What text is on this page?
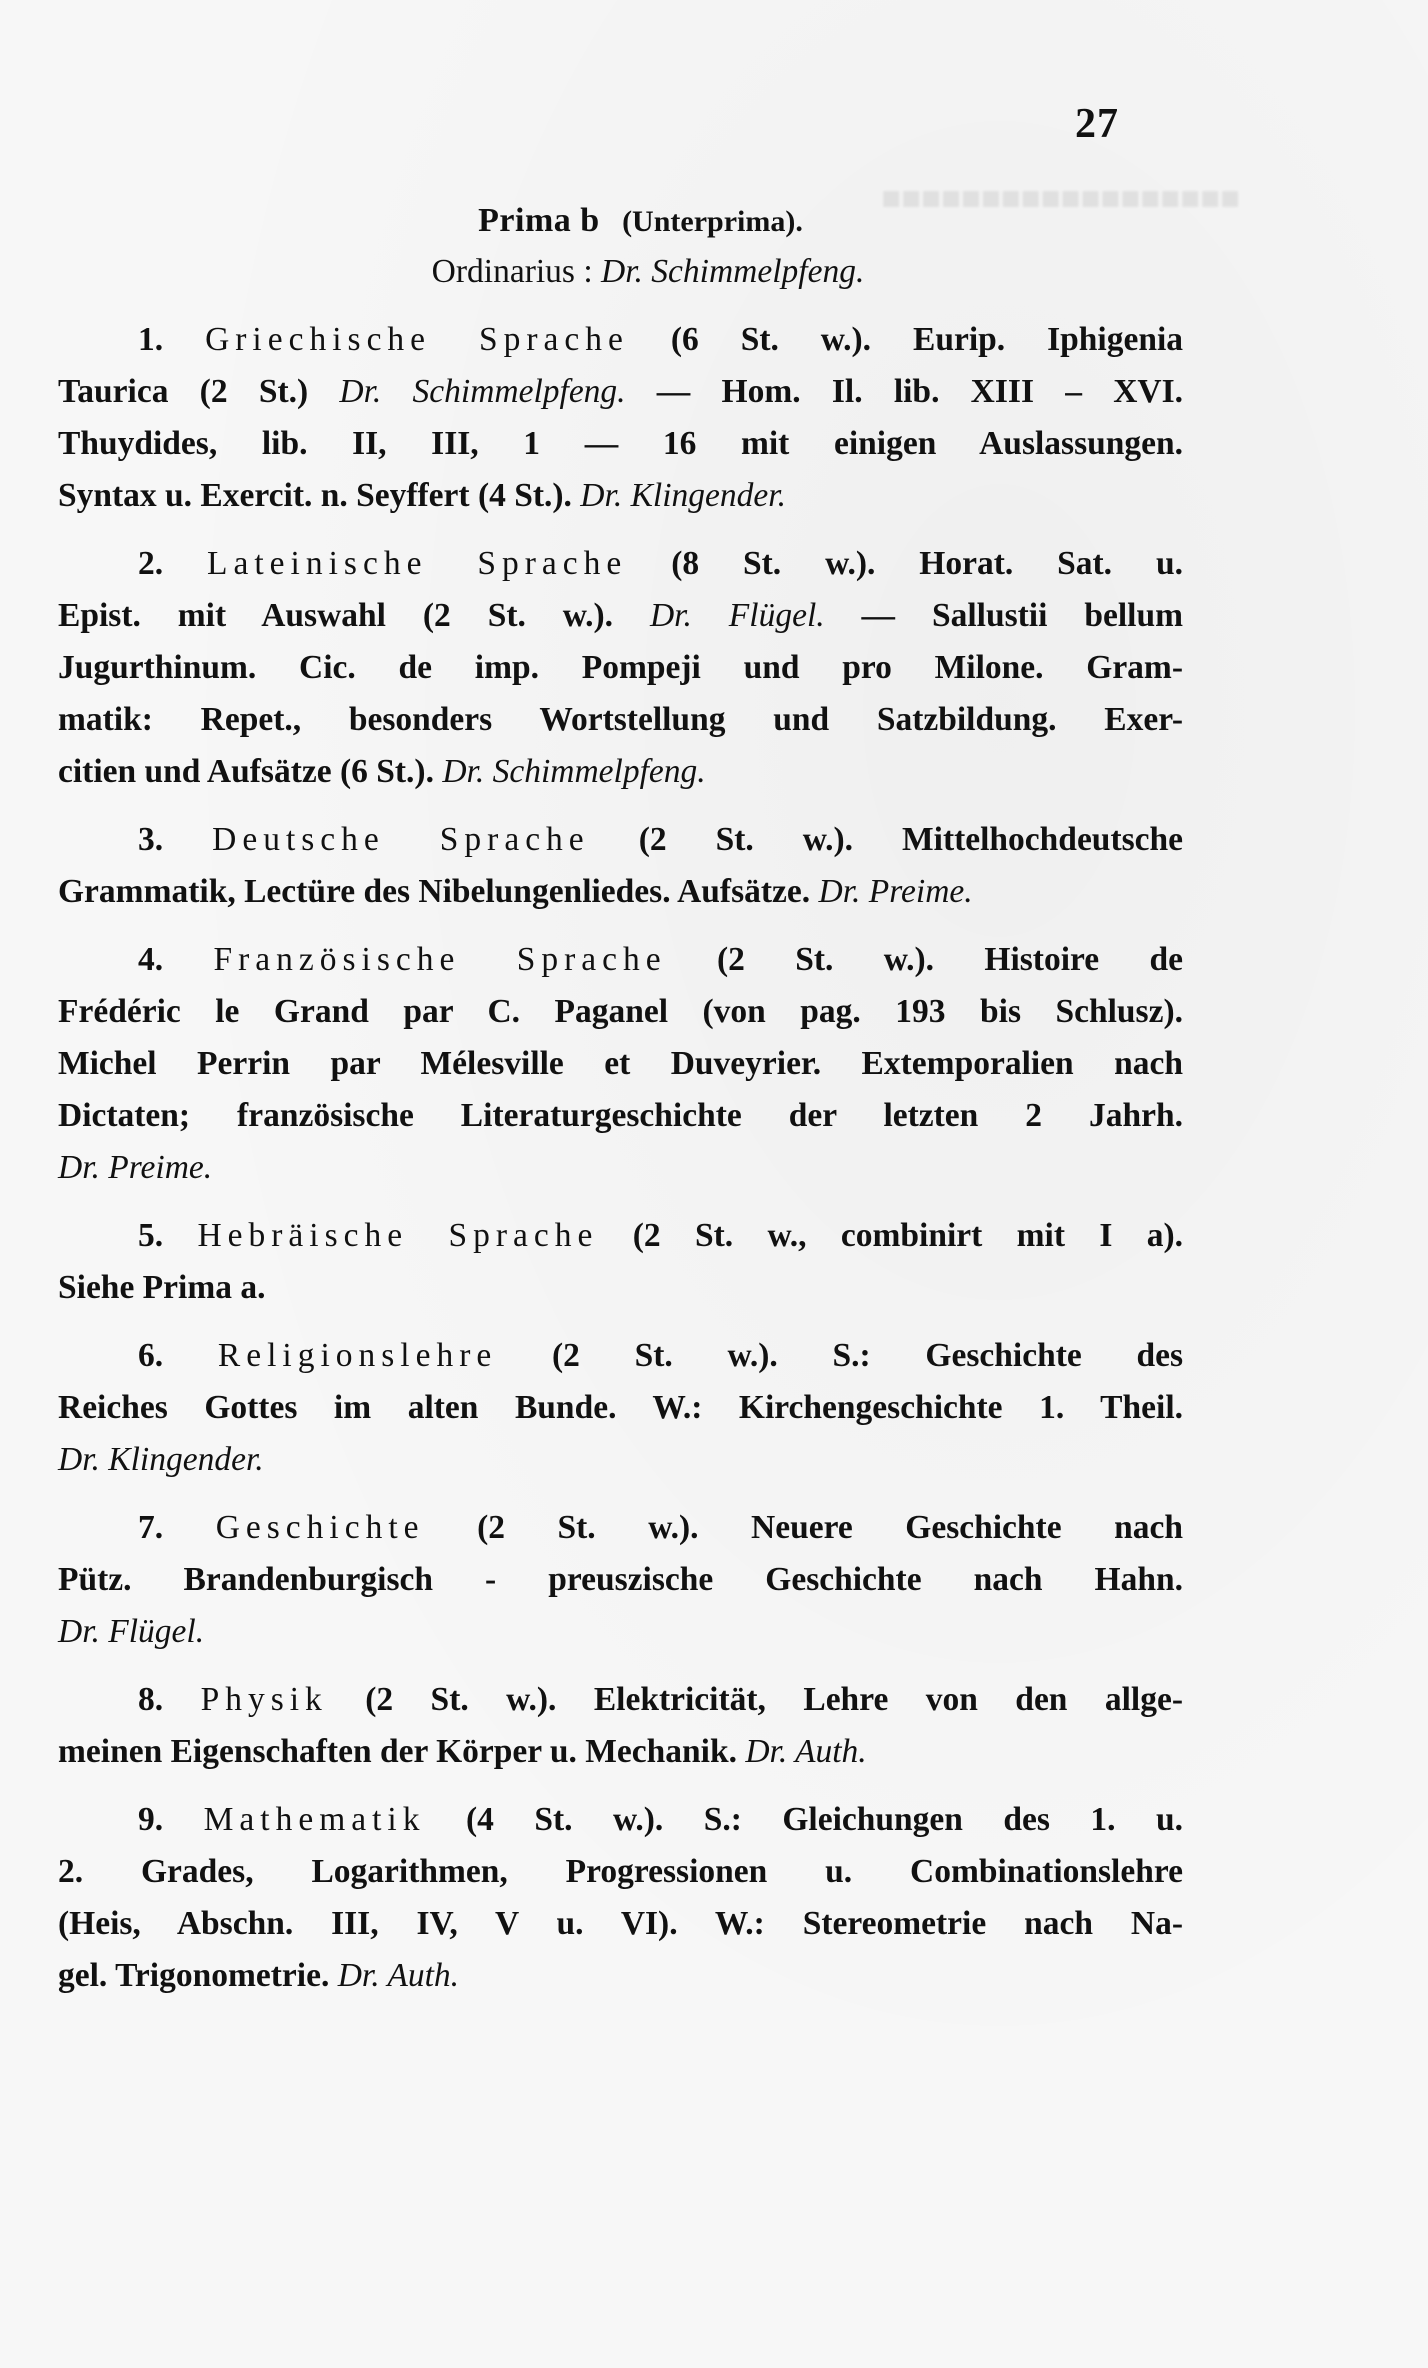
■■■■■■■■■■■■■■■■■■
27
Prima b (Unterprima).
Ordinarius : Dr. Schimmelpfeng.
1. Griechische Sprache (6 St. w.). Eurip. Iphigenia
Taurica (2 St.) Dr. Schimmelpfeng. — Hom. Il. lib. XIII – XVI.
Thuydides, lib. II, III, 1 — 16 mit einigen Auslassungen.
Syntax u. Exercit. n. Seyffert (4 St.). Dr. Klingender.
2. Lateinische Sprache (8 St. w.). Horat. Sat. u.
Epist. mit Auswahl (2 St. w.). Dr. Flügel. — Sallustii bellum
Jugurthinum. Cic. de imp. Pompeji und pro Milone. Gram-
matik: Repet., besonders Wortstellung und Satzbildung. Exer-
citien und Aufsätze (6 St.). Dr. Schimmelpfeng.
3. Deutsche Sprache (2 St. w.). Mittelhochdeutsche
Grammatik, Lectüre des Nibelungenliedes. Aufsätze. Dr. Preime.
4. Französische Sprache (2 St. w.). Histoire de
Frédéric le Grand par C. Paganel (von pag. 193 bis Schlusz).
Michel Perrin par Mélesville et Duveyrier. Extemporalien nach
Dictaten; französische Literaturgeschichte der letzten 2 Jahrh.
Dr. Preime.
5. Hebräische Sprache (2 St. w., combinirt mit I a).
Siehe Prima a.
6. Religionslehre (2 St. w.). S.: Geschichte des
Reiches Gottes im alten Bunde. W.: Kirchengeschichte 1. Theil.
Dr. Klingender.
7. Geschichte (2 St. w.). Neuere Geschichte nach
Pütz. Brandenburgisch - preuszische Geschichte nach Hahn.
Dr. Flügel.
8. Physik (2 St. w.). Elektricität, Lehre von den allge-
meinen Eigenschaften der Körper u. Mechanik. Dr. Auth.
9. Mathematik (4 St. w.). S.: Gleichungen des 1. u.
2. Grades, Logarithmen, Progressionen u. Combinationslehre
(Heis, Abschn. III, IV, V u. VI). W.: Stereometrie nach Na-
gel. Trigonometrie. Dr. Auth.
